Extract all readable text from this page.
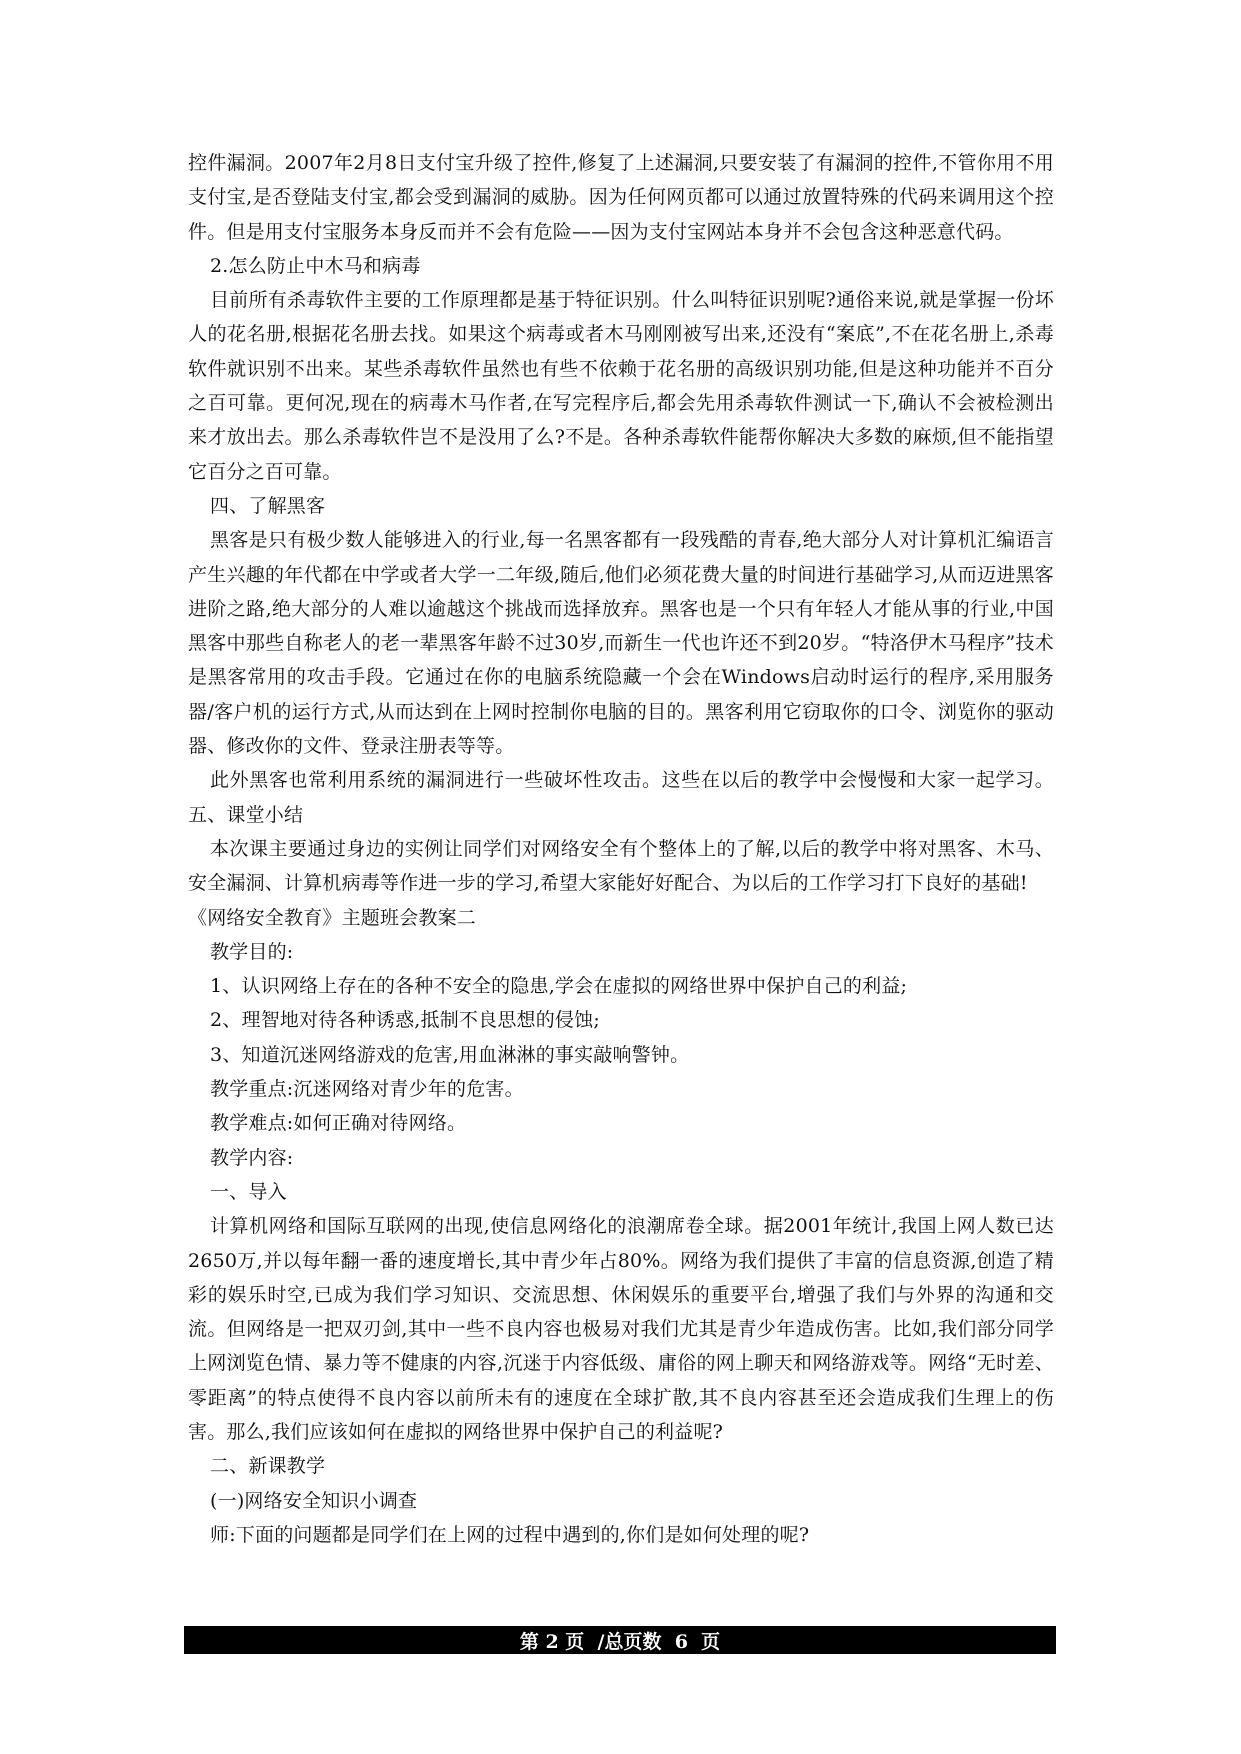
控件漏洞。2007年2月8日支付宝升级了控件,修复了上述漏洞,只要安装了有漏洞的控件,不管你用不用支付宝,是否登陆支付宝,都会受到漏洞的威胁。因为任何网页都可以通过放置特殊的代码来调用这个控件。但是用支付宝服务本身反而并不会有危险——因为支付宝网站本身并不会包含这种恶意代码。

2.怎么防止中木马和病毒

目前所有杀毒软件主要的工作原理都是基于特征识别。什么叫特征识别呢?通俗来说,就是掌握一份坏人的花名册,根据花名册去找。如果这个病毒或者木马刚刚被写出来,还没有“案底”,不在花名册上,杀毒软件就识别不出来。某些杀毒软件虽然也有些不依赖于花名册的高级识别功能,但是这种功能并不百分之百可靠。更何况,现在的病毒木马作者,在写完程序后,都会先用杀毒软件测试一下,确认不会被检测出来才放出去。那么杀毒软件岂不是没用了么?不是。各种杀毒软件能帮你解决大多数的麻烦,但不能指望它百分之百可靠。

四、了解黑客

黑客是只有极少数人能够进入的行业,每一名黑客都有一段残酷的青春,绝大部分人对计算机汇编语言产生兴趣的年代都在中学或者大学一二年级,随后,他们必须花费大量的时间进行基础学习,从而迈进黑客进阶之路,绝大部分的人难以逾越这个挑战而选择放弃。黑客也是一个只有年轻人才能从事的行业,中国黑客中那些自称老人的老一辈黑客年龄不过30岁,而新生一代也许还不到20岁。“特洛伊木马程序”技术是黑客常用的攻击手段。它通过在你的电脑系统隐藏一个会在Windows启动时运行的程序,采用服务器/客户机的运行方式,从而达到在上网时控制你电脑的目的。黑客利用它窃取你的口令、浏览你的驱动器、修改你的文件、登录注册表等等。

此外黑客也常利用系统的漏洞进行一些破坏性攻击。这些在以后的教学中会慢慢和大家一起学习。五、课堂小结

本次课主要通过身边的实例让同学们对网络安全有个整体上的了解,以后的教学中将对黑客、木马、安全漏洞、计算机病毒等作进一步的学习,希望大家能好好配合、为以后的工作学习打下良好的基础!

《网络安全教育》主题班会教案二

教学目的:

1、认识网络上存在的各种不安全的隐患,学会在虚拟的网络世界中保护自己的利益;

2、理智地对待各种诱惑,抵制不良思想的侵蚀;

3、知道沉迷网络游戏的危害,用血淋淋的事实敲响警钟。

教学重点:沉迷网络对青少年的危害。

教学难点:如何正确对待网络。

教学内容:

一、导入

计算机网络和国际互联网的出现,使信息网络化的浪潮席卷全球。据2001年统计,我国上网人数已达2650万,并以每年翻一番的速度增长,其中青少年占80%。网络为我们提供了丰富的信息资源,创造了精彩的娱乐时空,已成为我们学习知识、交流思想、休闲娱乐的重要平台,增强了我们与外界的沟通和交流。但网络是一把双刃剑,其中一些不良内容也极易对我们尤其是青少年造成伤害。比如,我们部分同学上网浏览色情、暴力等不健康的内容,沉迷于内容低级、庸俗的网上聊天和网络游戏等。网络“无时差、零距离”的特点使得不良内容以前所未有的速度在全球扩散,其不良内容甚至还会造成我们生理上的伤害。那么,我们应该如何在虚拟的网络世界中保护自己的利益呢?

二、新课教学

(一)网络安全知识小调查

师:下面的问题都是同学们在上网的过程中遇到的,你们是如何处理的呢?

第 2 页  /总页数  6  页
